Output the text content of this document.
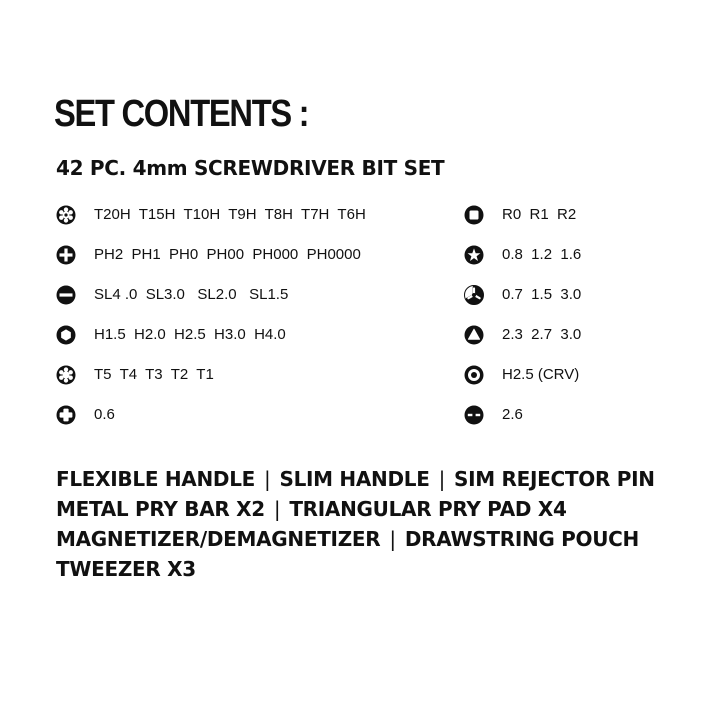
SET CONTENTS :
42 PC. 4mm SCREWDRIVER BIT SET
T20H  T15H  T10H  T9H  T8H  T7H  T6H
PH2  PH1  PH0  PH00  PH000  PH0000
SL4 .0  SL3.0   SL2.0   SL1.5
H1.5  H2.0  H2.5  H3.0  H4.0
T5  T4  T3  T2  T1
0.6
R0  R1  R2
0.8  1.2  1.6
0.7  1.5  3.0
2.3  2.7  3.0
H2.5 (CRV)
2.6
FLEXIBLE HANDLE | SLIM HANDLE | SIM REJECTOR PIN
METAL PRY BAR X2 | TRIANGULAR PRY PAD X4
MAGNETIZER/DEMAGNETIZER | DRAWSTRING POUCH
TWEEZER X3
